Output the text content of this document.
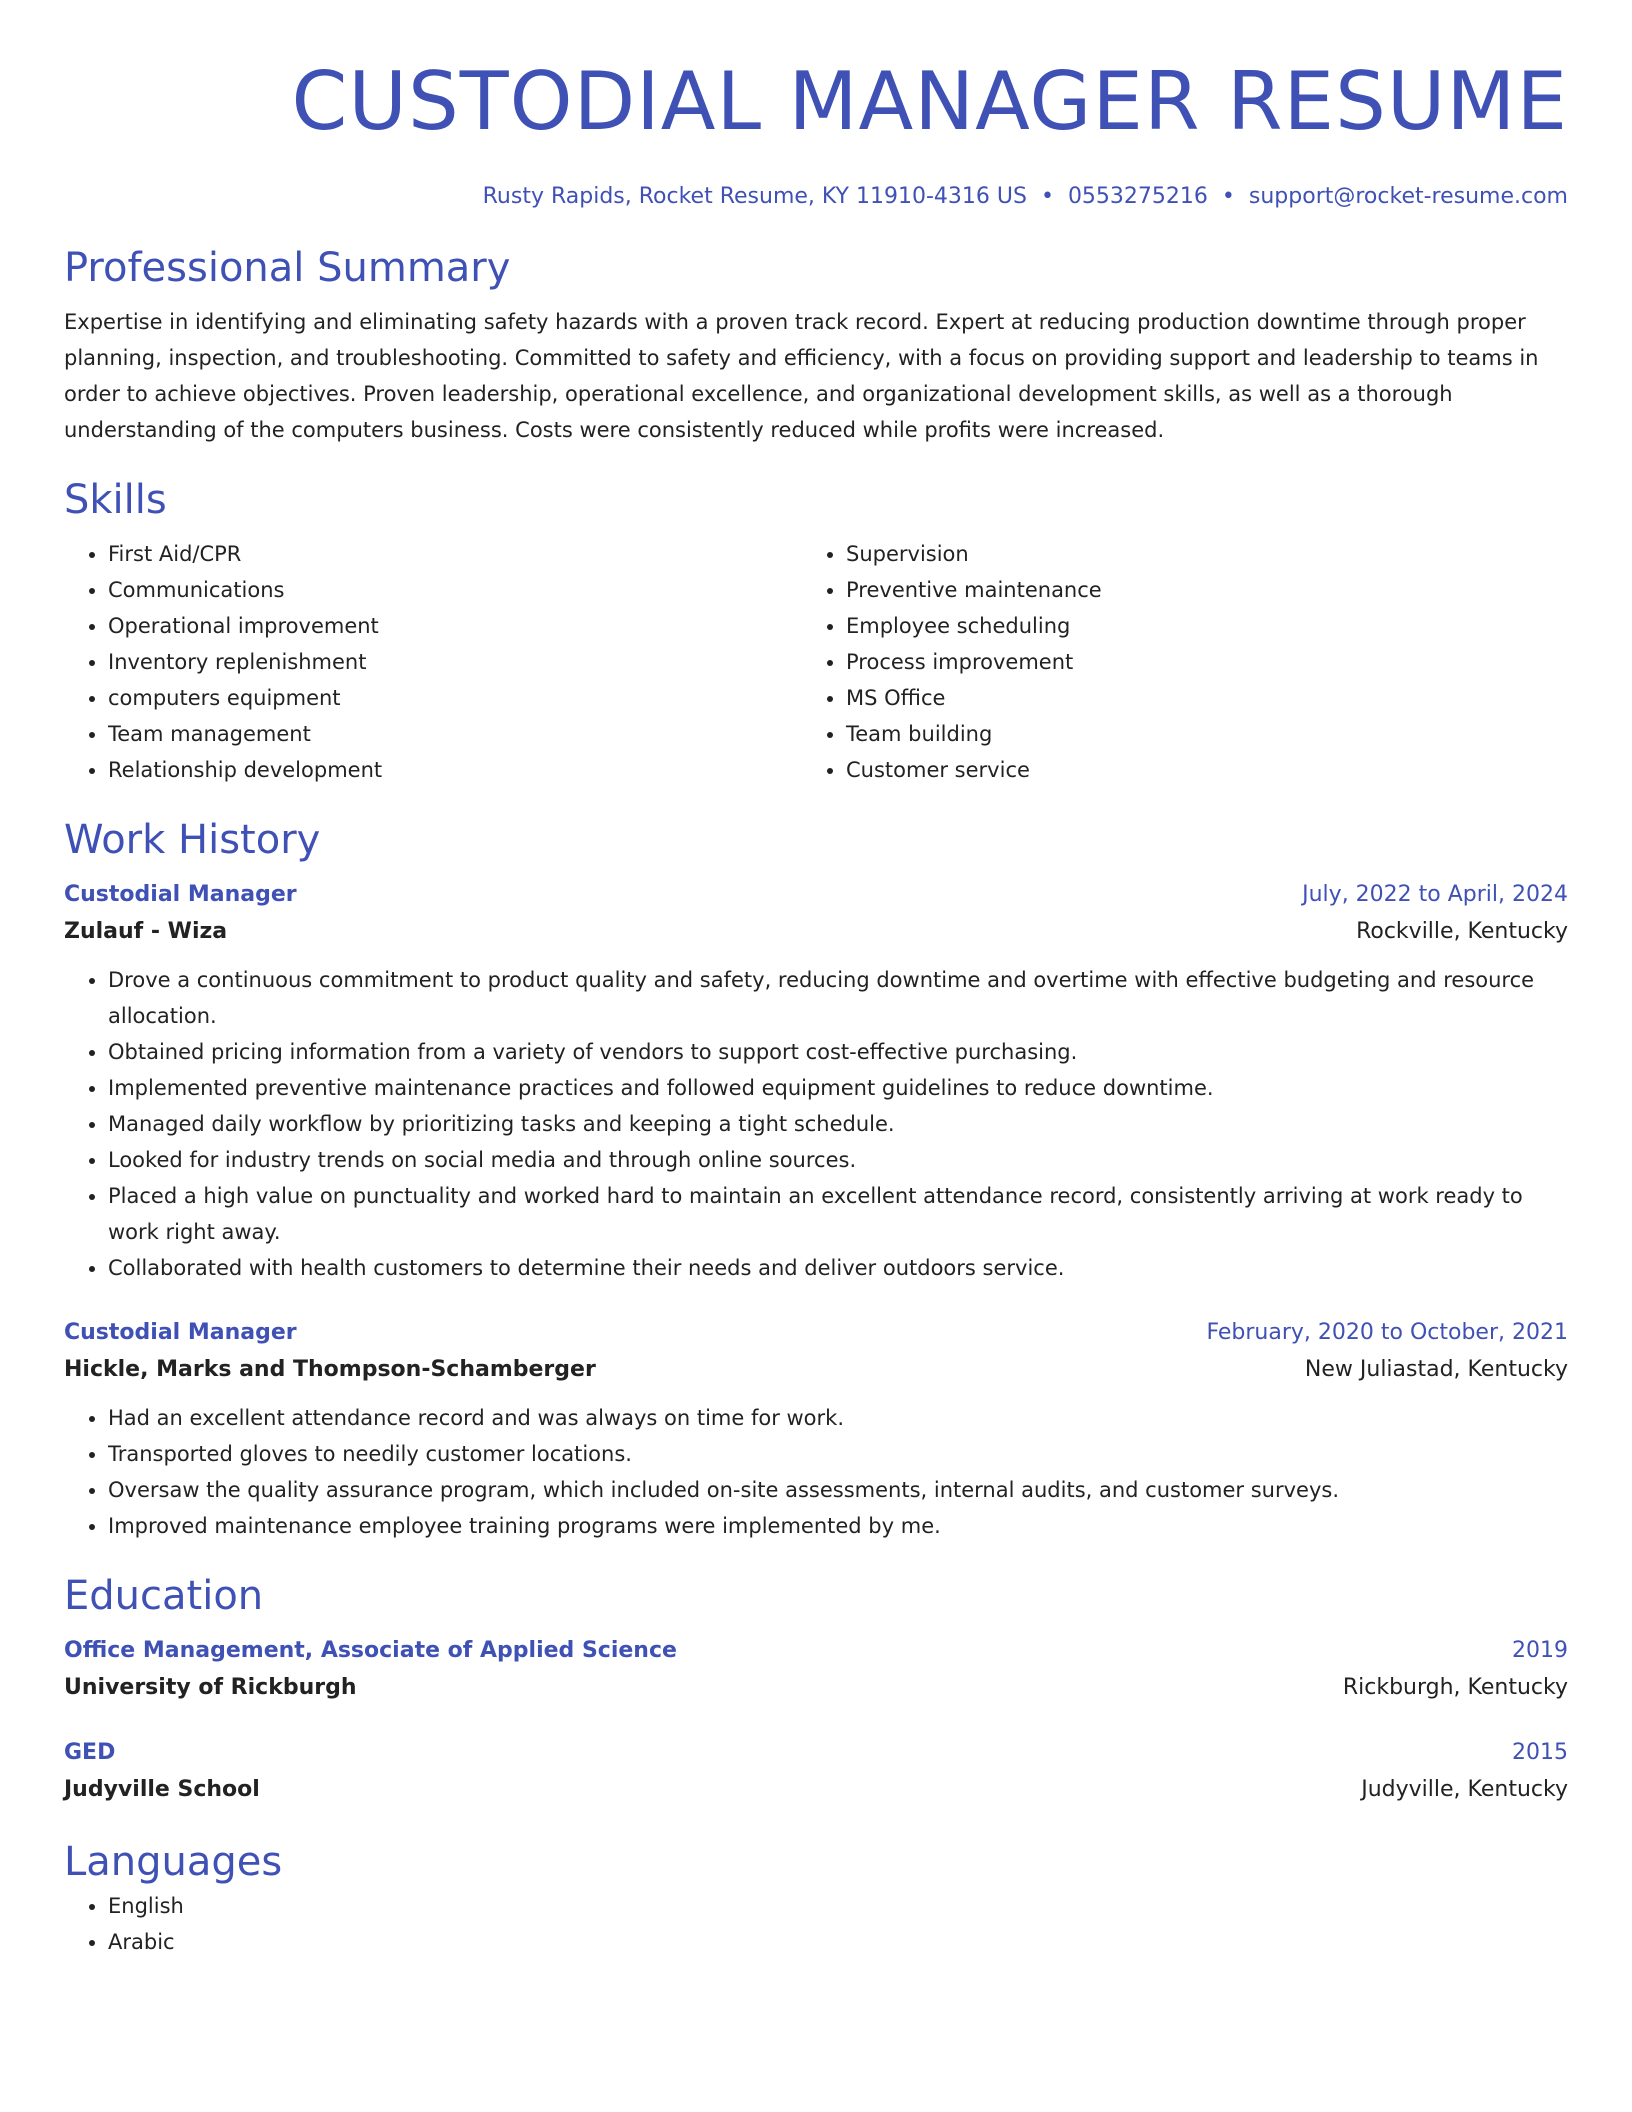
CUSTODIAL MANAGER RESUME
Rusty Rapids, Rocket Resume, KY 11910-4316 US • 0553275216 • support@rocket-resume.com
Professional Summary
Expertise in identifying and eliminating safety hazards with a proven track record. Expert at reducing production downtime through proper planning, inspection, and troubleshooting. Committed to safety and efficiency, with a focus on providing support and leadership to teams in order to achieve objectives. Proven leadership, operational excellence, and organizational development skills, as well as a thorough understanding of the computers business. Costs were consistently reduced while profits were increased.
Skills
• First Aid/CPR
• Communications
• Operational improvement
• Inventory replenishment
• computers equipment
• Team management
• Relationship development
• Supervision
• Preventive maintenance
• Employee scheduling
• Process improvement
• MS Office
• Team building
• Customer service
Work History
Custodial Manager	July, 2022 to April, 2024
Zulauf - Wiza	Rockville, Kentucky
• Drove a continuous commitment to product quality and safety, reducing downtime and overtime with effective budgeting and resource allocation.
• Obtained pricing information from a variety of vendors to support cost-effective purchasing.
• Implemented preventive maintenance practices and followed equipment guidelines to reduce downtime.
• Managed daily workflow by prioritizing tasks and keeping a tight schedule.
• Looked for industry trends on social media and through online sources.
• Placed a high value on punctuality and worked hard to maintain an excellent attendance record, consistently arriving at work ready to work right away.
• Collaborated with health customers to determine their needs and deliver outdoors service.
Custodial Manager	February, 2020 to October, 2021
Hickle, Marks and Thompson-Schamberger	New Juliastad, Kentucky
• Had an excellent attendance record and was always on time for work.
• Transported gloves to needily customer locations.
• Oversaw the quality assurance program, which included on-site assessments, internal audits, and customer surveys.
• Improved maintenance employee training programs were implemented by me.
Education
Office Management, Associate of Applied Science	2019
University of Rickburgh	Rickburgh, Kentucky
GED	2015
Judyville School	Judyville, Kentucky
Languages
• English
• Arabic
